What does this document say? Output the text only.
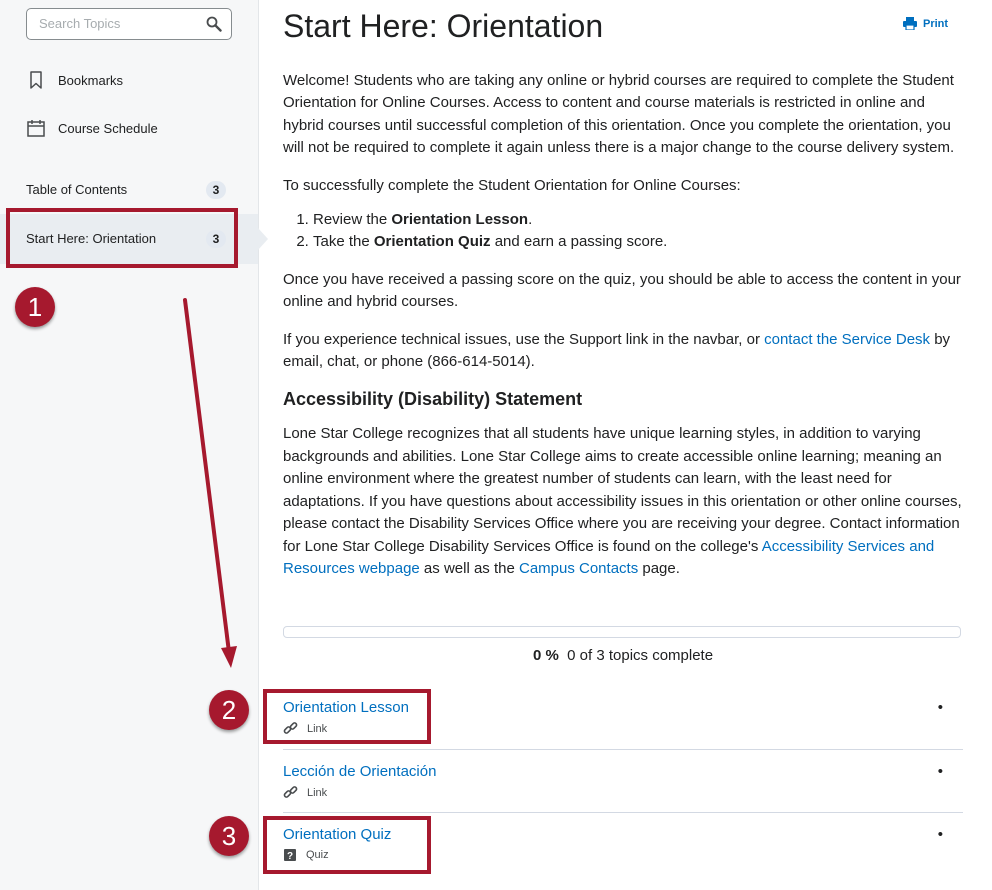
Search Topics
Bookmarks
Course Schedule
Table of Contents	3
Start Here: Orientation	3
Start Here: Orientation	Print

Welcome! Students who are taking any online or hybrid courses are required to complete the Student Orientation for Online Courses. Access to content and course materials is restricted in online and hybrid courses until successful completion of this orientation. Once you complete the orientation, you will not be required to complete it again unless there is a major change to the course delivery system.

To successfully complete the Student Orientation for Online Courses:

1. Review the Orientation Lesson.
2. Take the Orientation Quiz and earn a passing score.

Once you have received a passing score on the quiz, you should be able to access the content in your online and hybrid courses.

If you experience technical issues, use the Support link in the navbar, or contact the Service Desk by email, chat, or phone (866-614-5014).

Accessibility (Disability) Statement

Lone Star College recognizes that all students have unique learning styles, in addition to varying backgrounds and abilities. Lone Star College aims to create accessible online learning; meaning an online environment where the greatest number of students can learn, with the least need for adaptations. If you have questions about accessibility issues in this orientation or other online courses, please contact the Disability Services Office where you are receiving your degree. Contact information for Lone Star College Disability Services Office is found on the college's Accessibility Services and Resources webpage as well as the Campus Contacts page.

0 % 0 of 3 topics complete
Orientation Lesson
Link
•
Lección de Orientación
Link
•
Orientation Quiz
? Quiz
•
1
2
3
